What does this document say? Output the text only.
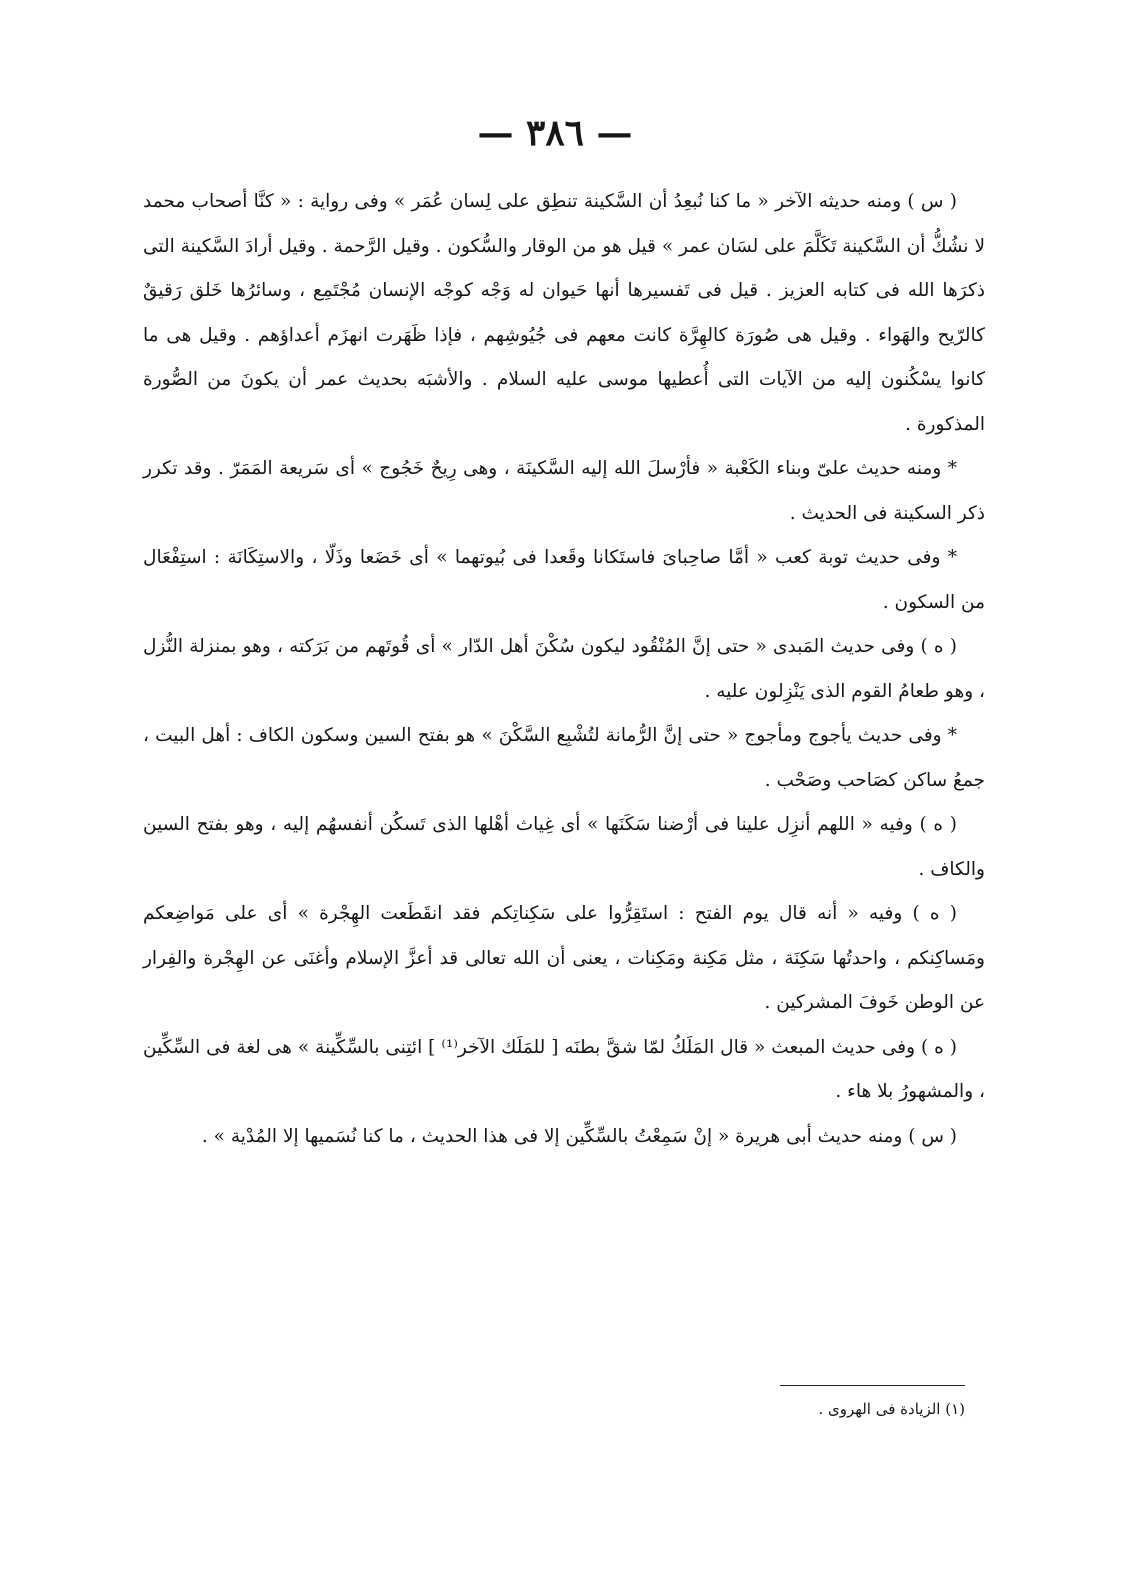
— ٣٨٦ —

( س ) ومنه حديثه الآخر « ما كنا نُبعِدُ أن السَّكينة تنطِق على لِسان عُمَر » وفى رواية : « كنَّا أصحاب محمد لا نشُكُّ أن السَّكينة تَكَلَّمَ على لسَان عمر » قيل هو من الوقار والسُّكون . وقيل الرَّحمة . وقيل أرادَ السَّكينة التى ذكرَها الله فى كتابه العزيز . قيل فى تَفسيرها أنها حَيوان له وَجْه كوجْه الإنسان مُجْتَمِع ، وسائرُها خَلق رَقيقٌ كالرّيح والهَواء . وقيل هى صُورَة كالهِرَّة كانت معهم فى جُيُوشِهم ، فإذا ظَهَرت انهزَم أعداؤهم . وقيل هى ما كانوا يسْكُنون إليه من الآيات التى أُعطيها موسى عليه السلام . والأشبَه بحديث عمر أن يكونَ من الصُّورة المذكورة .

* ومنه حديث علىّ وبناء الكَعْبة « فأرْسلَ الله إليه السَّكينَة ، وهى رِيحٌ خَجُوج » أى سَريعة المَمَرّ . وقد تكرر ذكر السكينة فى الحديث .

* وفى حديث توبة كعب « أمَّا صاحِباىَ فاستَكانا وقَعدا فى بُيوتهما » أى خَضَعا وذَلّا ، والاستِكَانَة : استِفْعَال من السكون .

( ه ) وفى حديث المَبدى « حتى إنَّ المُنْقُود ليكون سُكْنَ أهل الدّار » أى قُوتَهم من بَرَكته ، وهو بمنزلة النُّزل ، وهو طعامُ القوم الذى يَنْزِلون عليه .

* وفى حديث يأجوج ومأجوج « حتى إنَّ الرُّمانة لتُشْبِع السَّكْنَ » هو بفتح السين وسكون الكاف : أهل البيت ، جمعُ ساكن كصَاحب وصَحْب .

( ه ) وفيه « اللهم أنزِل علينا فى أرْضنا سَكَنَها » أى غِياث أهْلها الذى تَسكُن أنفسهُم إليه ، وهو بفتح السين والكاف .

( ه ) وفيه « أنه قال يوم الفتح : استَقِرُّوا على سَكِناتِكم فقد انقَطَعت الهِجْرة » أى على مَواضِعكم ومَساكِنكم ، واحدتُها سَكِنَة ، مثل مَكِنة ومَكِنات ، يعنى أن الله تعالى قد أعزَّ الإسلام وأغنَى عن الهِجْرة والفِرار عن الوطن خَوفَ المشركين .

( ه ) وفى حديث المبعث « قال المَلَكُ لمّا شقَّ بطنَه [ للمَلَك الآخر⁽¹⁾ ] ائتِنى بالسِّكِّينة » هى لغة فى السِّكِّين ، والمشهورُ بلا هاء .

( س ) ومنه حديث أبى هريرة « إنْ سَمِعْتُ بالسِّكِّين إلا فى هذا الحديث ، ما كنا نُسَميها إلا المُدْية » .

(١) الزيادة فى الهروى .
